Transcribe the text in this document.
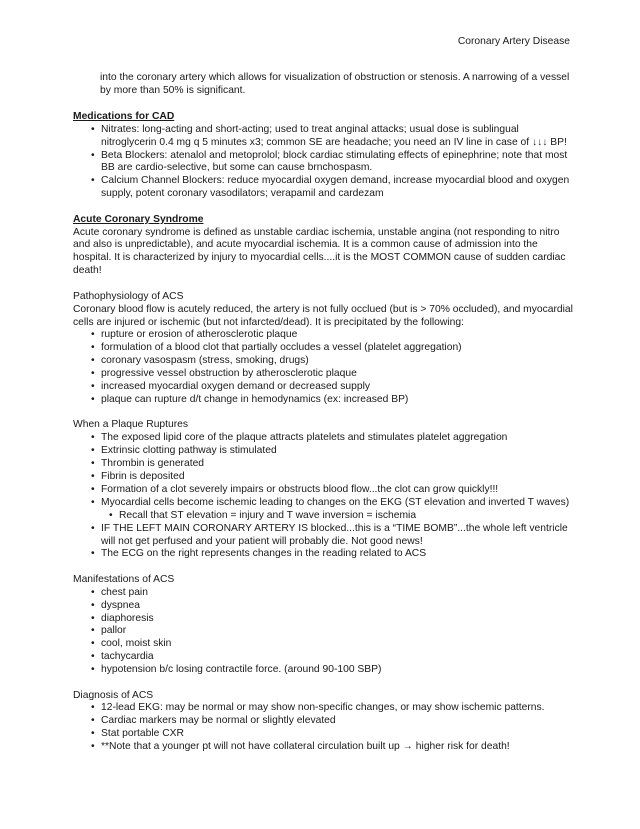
Coronary Artery Disease

into the coronary artery which allows for visualization of obstruction or stenosis. A narrowing of a vessel by more than 50% is significant.

Medications for CAD

• Nitrates: long-acting and short-acting; used to treat anginal attacks; usual dose is sublingual nitroglycerin 0.4 mg q 5 minutes x3; common SE are headache; you need an IV line in case of ↓↓↓ BP!
• Beta Blockers: atenalol and metoprolol; block cardiac stimulating effects of epinephrine; note that most BB are cardio-selective, but some can cause brnchospasm.
• Calcium Channel Blockers: reduce myocardial oxygen demand, increase myocardial blood and oxygen supply, potent coronary vasodilators; verapamil and cardezam

Acute Coronary Syndrome

Acute coronary syndrome is defined as unstable cardiac ischemia, unstable angina (not responding to nitro and also is unpredictable), and acute myocardial ischemia. It is a common cause of admission into the hospital. It is characterized by injury to myocardial cells....it is the MOST COMMON cause of sudden cardiac death!

Pathophysiology of ACS

Coronary blood flow is acutely reduced, the artery is not fully occlued (but is > 70% occluded), and myocardial cells are injured or ischemic (but not infarcted/dead). It is precipitated by the following:

• rupture or erosion of atherosclerotic plaque
• formulation of a blood clot that partially occludes a vessel (platelet aggregation)
• coronary vasospasm (stress, smoking, drugs)
• progressive vessel obstruction by atherosclerotic plaque
• increased myocardial oxygen demand or decreased supply
• plaque can rupture d/t change in hemodynamics (ex: increased BP)

When a Plaque Ruptures

• The exposed lipid core of the plaque attracts platelets and stimulates platelet aggregation
• Extrinsic clotting pathway is stimulated
• Thrombin is generated
• Fibrin is deposited
• Formation of a clot severely impairs or obstructs blood flow...the clot can grow quickly!!!
• Myocardial cells become ischemic leading to changes on the EKG (ST elevation and inverted T waves)
• Recall that ST elevation = injury and T wave inversion = ischemia
• IF THE LEFT MAIN CORONARY ARTERY IS blocked...this is a “TIME BOMB”...the whole left ventricle will not get perfused and your patient will probably die. Not good news!
• The ECG on the right represents changes in the reading related to ACS

Manifestations of ACS

• chest pain
• dyspnea
• diaphoresis
• pallor
• cool, moist skin
• tachycardia
• hypotension b/c losing contractile force. (around 90-100 SBP)

Diagnosis of ACS

• 12-lead EKG: may be normal or may show non-specific changes, or may show ischemic patterns.
• Cardiac markers may be normal or slightly elevated
• Stat portable CXR
• **Note that a younger pt will not have collateral circulation built up → higher risk for death!
